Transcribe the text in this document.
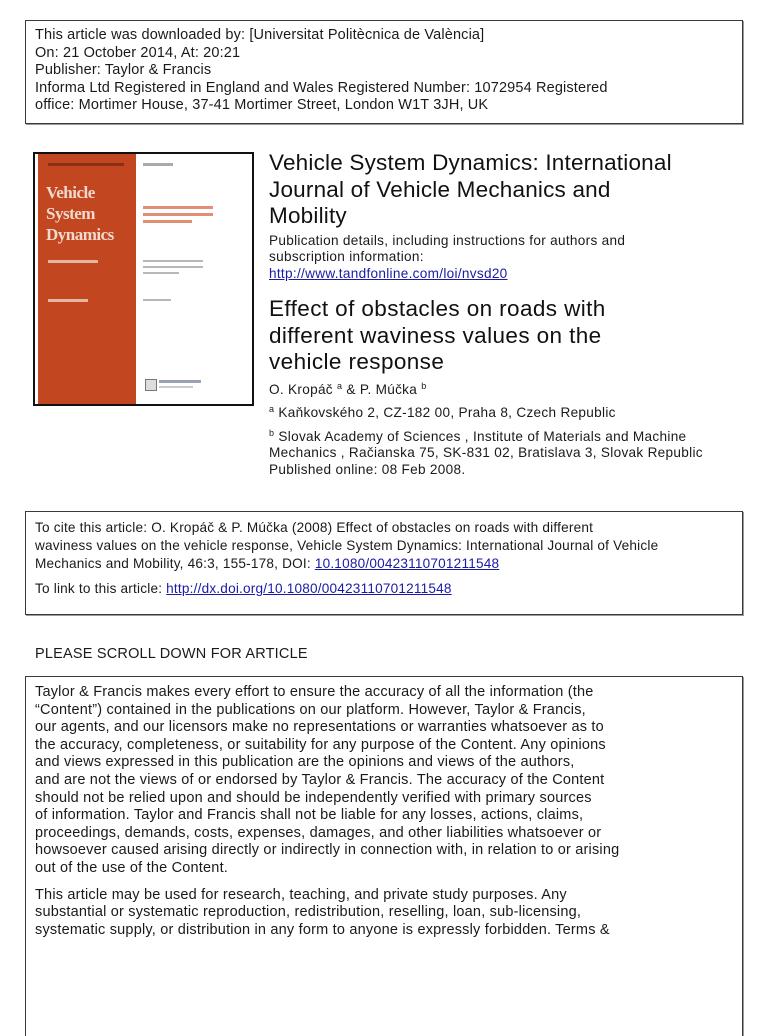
This article was downloaded by: [Universitat Politècnica de València]
On: 21 October 2014, At: 20:21
Publisher: Taylor & Francis
Informa Ltd Registered in England and Wales Registered Number: 1072954 Registered
office: Mortimer House, 37-41 Mortimer Street, London W1T 3JH, UK
Vehicle
System
Dynamics
Vehicle System Dynamics: International
Journal of Vehicle Mechanics and
Mobility
Publication details, including instructions for authors and
subscription information:
http://www.tandfonline.com/loi/nvsd20
Effect of obstacles on roads with
different waviness values on the
vehicle response
O. Kropáč $^a$ & P. Múčka $^b$
$^a$ Kaňkovského 2, CZ-182 00, Praha 8, Czech Republic
$^b$ Slovak Academy of Sciences , Institute of Materials and Machine
Mechanics , Račianska 75, SK-831 02, Bratislava 3, Slovak Republic
Published online: 08 Feb 2008.
To cite this article: O. Kropáč & P. Múčka (2008) Effect of obstacles on roads with different
waviness values on the vehicle response, Vehicle System Dynamics: International Journal of Vehicle
Mechanics and Mobility, 46:3, 155-178, DOI: 10.1080/00423110701211548
To link to this article: http://dx.doi.org/10.1080/00423110701211548
PLEASE SCROLL DOWN FOR ARTICLE
Taylor & Francis makes every effort to ensure the accuracy of all the information (the
“Content”) contained in the publications on our platform. However, Taylor & Francis,
our agents, and our licensors make no representations or warranties whatsoever as to
the accuracy, completeness, or suitability for any purpose of the Content. Any opinions
and views expressed in this publication are the opinions and views of the authors,
and are not the views of or endorsed by Taylor & Francis. The accuracy of the Content
should not be relied upon and should be independently verified with primary sources
of information. Taylor and Francis shall not be liable for any losses, actions, claims,
proceedings, demands, costs, expenses, damages, and other liabilities whatsoever or
howsoever caused arising directly or indirectly in connection with, in relation to or arising
out of the use of the Content.
This article may be used for research, teaching, and private study purposes. Any
substantial or systematic reproduction, redistribution, reselling, loan, sub-licensing,
systematic supply, or distribution in any form to anyone is expressly forbidden. Terms &
